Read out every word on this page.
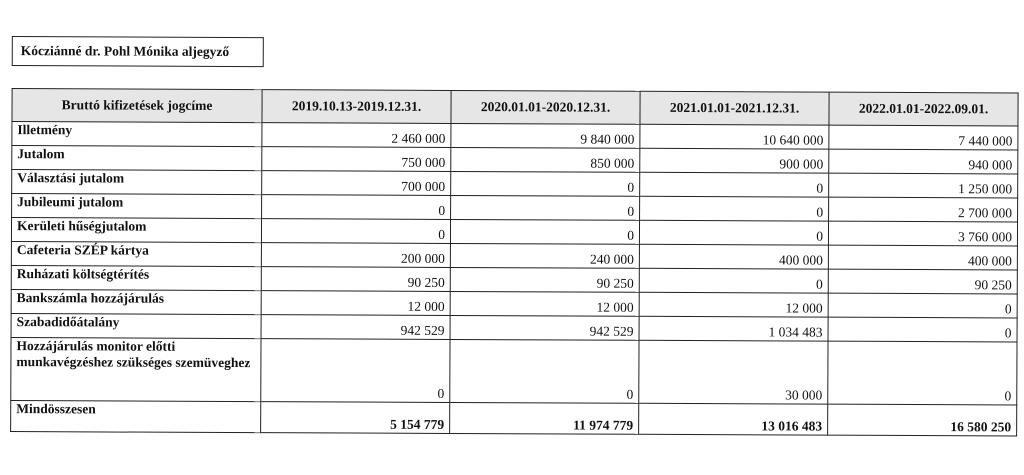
Kócziánné dr. Pohl Mónika aljegyző
Bruttó kifizetések jogcíme	2019.10.13-2019.12.31.	2020.01.01-2020.12.31.	2021.01.01-2021.12.31.	2022.01.01-2022.09.01.
Illetmény	2 460 000	9 840 000	10 640 000	7 440 000
Jutalom	750 000	850 000	900 000	940 000
Választási jutalom	700 000	0	0	1 250 000
Jubileumi jutalom	0	0	0	2 700 000
Kerületi hűségjutalom	0	0	0	3 760 000
Cafeteria SZÉP kártya	200 000	240 000	400 000	400 000
Ruházati költségtérítés	90 250	90 250	0	90 250
Bankszámla hozzájárulás	12 000	12 000	12 000	0
Szabadidőátalány	942 529	942 529	1 034 483	0
Hozzájárulás monitor előtti munkavégzéshez szükséges szemüveghez	0	0	30 000	0
Mindösszesen	5 154 779	11 974 779	13 016 483	16 580 250
